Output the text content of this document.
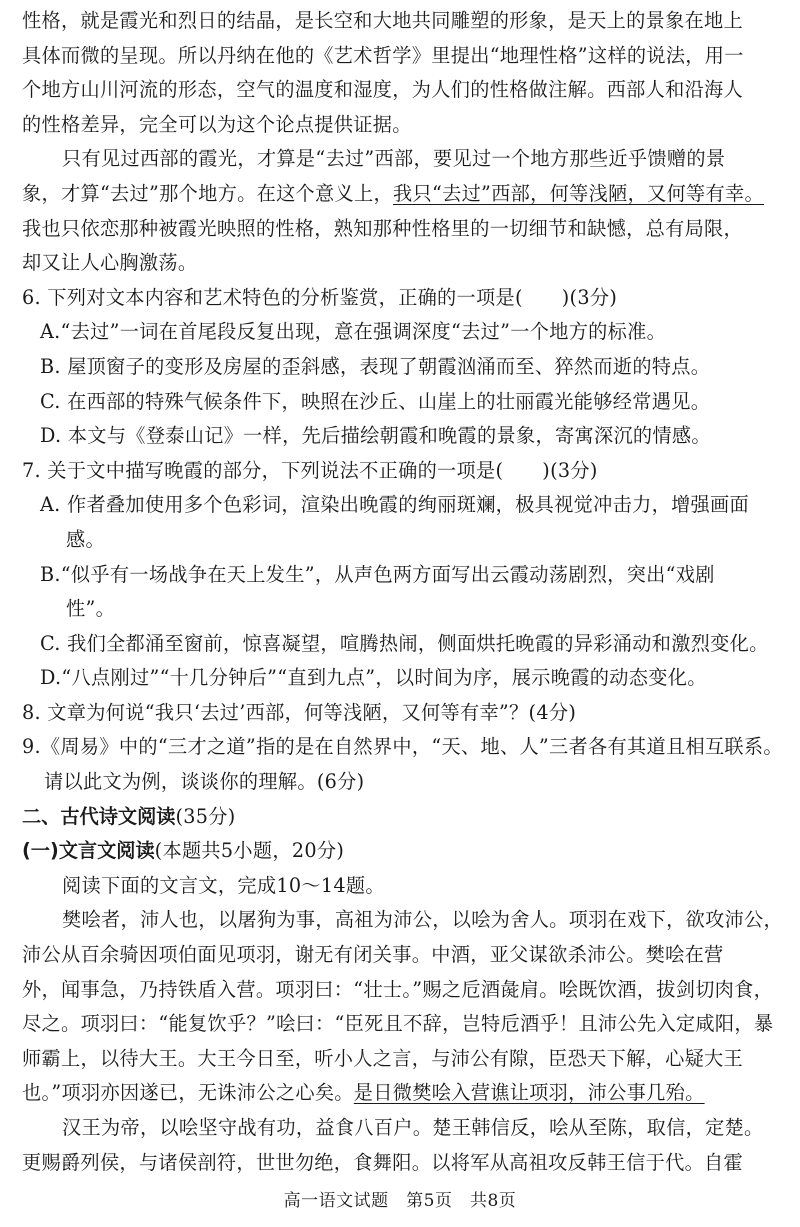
性格，就是霞光和烈日的结晶，是长空和大地共同雕塑的形象，是天上的景象在地上
具体而微的呈现。所以丹纳在他的《艺术哲学》里提出“地理性格”这样的说法，用一
个地方山川河流的形态，空气的温度和湿度，为人们的性格做注解。西部人和沿海人
的性格差异，完全可以为这个论点提供证据。
只有见过西部的霞光，才算是“去过”西部，要见过一个地方那些近乎馈赠的景
象，才算“去过”那个地方。在这个意义上，我只“去过”西部，何等浅陋，又何等有幸。
我也只依恋那种被霞光映照的性格，熟知那种性格里的一切细节和缺憾，总有局限，
却又让人心胸激荡。
6. 下列对文本内容和艺术特色的分析鉴赏，正确的一项是(　　)(3分)
A.“去过”一词在首尾段反复出现，意在强调深度“去过”一个地方的标准。
B. 屋顶窗子的变形及房屋的歪斜感，表现了朝霞汹涌而至、猝然而逝的特点。
C. 在西部的特殊气候条件下，映照在沙丘、山崖上的壮丽霞光能够经常遇见。
D. 本文与《登泰山记》一样，先后描绘朝霞和晚霞的景象，寄寓深沉的情感。
7. 关于文中描写晚霞的部分，下列说法不正确的一项是(　　)(3分)
A. 作者叠加使用多个色彩词，渲染出晚霞的绚丽斑斓，极具视觉冲击力，增强画面
感。
B.“似乎有一场战争在天上发生”，从声色两方面写出云霞动荡剧烈，突出“戏剧
性”。
C. 我们全都涌至窗前，惊喜凝望，喧腾热闹，侧面烘托晚霞的异彩涌动和激烈变化。
D.“八点刚过”“十几分钟后”“直到九点”，以时间为序，展示晚霞的动态变化。
8. 文章为何说“我只‘去过’西部，何等浅陋，又何等有幸”？(4分)
9.《周易》中的“三才之道”指的是在自然界中，“天、地、人”三者各有其道且相互联系。
请以此文为例，谈谈你的理解。(6分)
二、古代诗文阅读(35分)
(一)文言文阅读(本题共5小题，20分)
阅读下面的文言文，完成10～14题。
樊哙者，沛人也，以屠狗为事，高祖为沛公，以哙为舍人。项羽在戏下，欲攻沛公，
沛公从百余骑因项伯面见项羽，谢无有闭关事。中酒，亚父谋欲杀沛公。樊哙在营
外，闻事急，乃持铁盾入营。项羽曰：“壮士。”赐之卮酒彘肩。哙既饮酒，拔剑切肉食，
尽之。项羽曰：“能复饮乎？”哙曰：“臣死且不辞，岂特卮酒乎！且沛公先入定咸阳，暴
师霸上，以待大王。大王今日至，听小人之言，与沛公有隙，臣恐天下解，心疑大王
也。”项羽亦因遂已，无诛沛公之心矣。是日微樊哙入营谯让项羽，沛公事几殆。
汉王为帝，以哙坚守战有功，益食八百户。楚王韩信反，哙从至陈，取信，定楚。
更赐爵列侯，与诸侯剖符，世世勿绝，食舞阳。以将军从高祖攻反韩王信于代。自霍
高一语文试题　第5页　共8页
